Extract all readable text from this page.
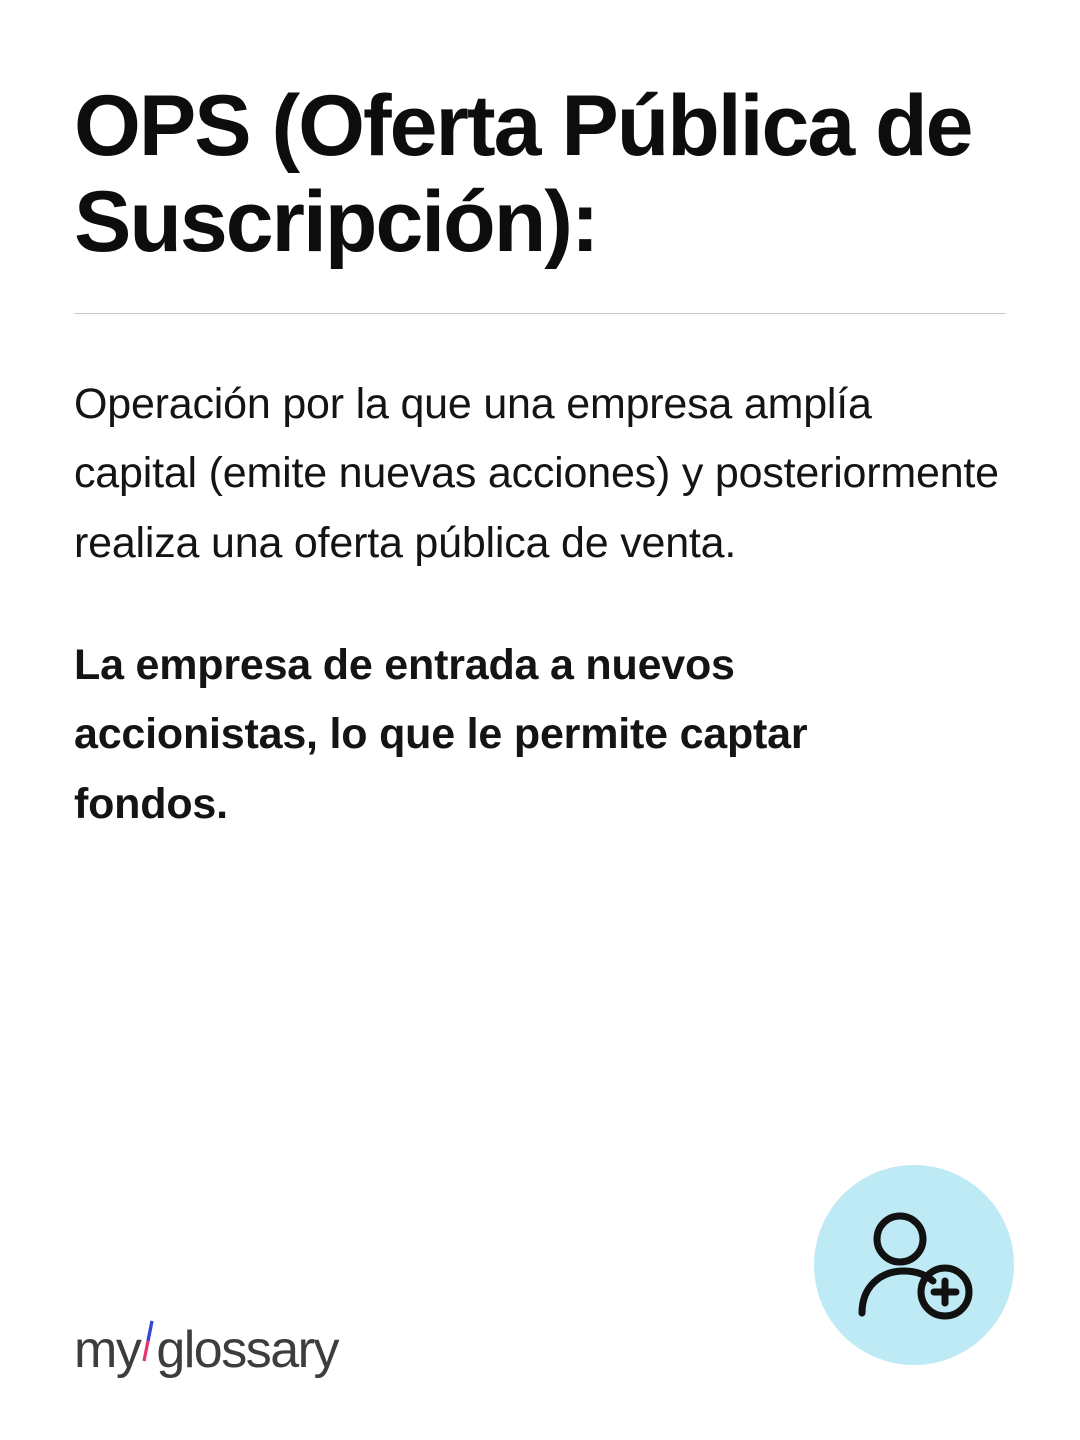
OPS (Oferta Pública de Suscripción):

Operación por la que una empresa amplía capital (emite nuevas acciones) y posteriormente realiza una oferta pública de venta.

La empresa de entrada a nuevos accionistas, lo que le permite captar fondos.

my glossary
